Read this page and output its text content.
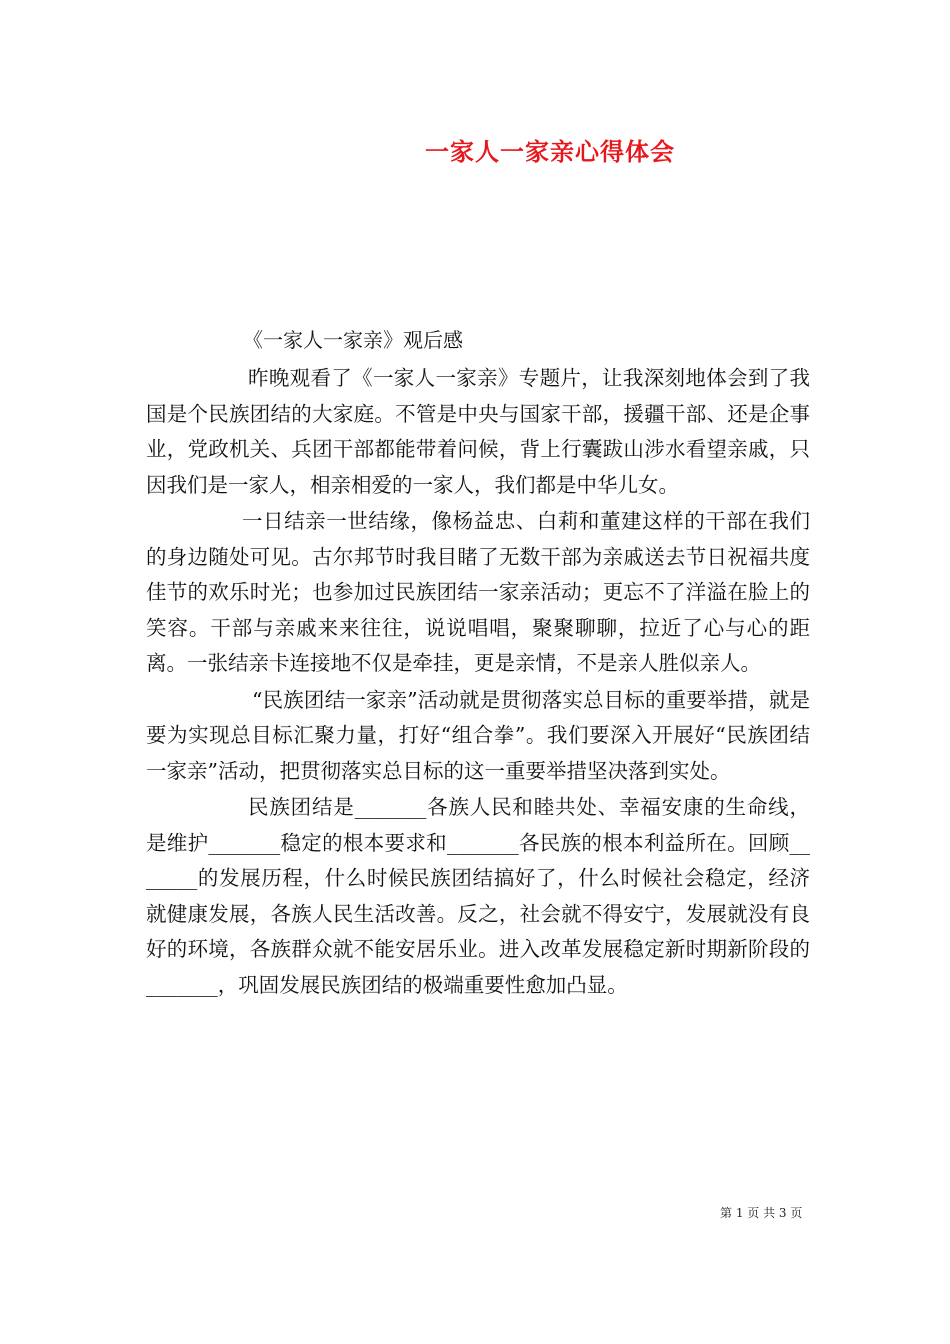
一家人一家亲心得体会

《一家人一家亲》观后感

昨晚观看了《一家人一家亲》专题片，让我深刻地体会到了我国是个民族团结的大家庭。不管是中央与国家干部，援疆干部、还是企事业，党政机关、兵团干部都能带着问候，背上行囊跋山涉水看望亲戚，只因我们是一家人，相亲相爱的一家人，我们都是中华儿女。

一日结亲一世结缘，像杨益忠、白莉和董建这样的干部在我们的身边随处可见。古尔邦节时我目睹了无数干部为亲戚送去节日祝福共度佳节的欢乐时光；也参加过民族团结一家亲活动；更忘不了洋溢在脸上的笑容。干部与亲戚来来往往，说说唱唱，聚聚聊聊，拉近了心与心的距离。一张结亲卡连接地不仅是牵挂，更是亲情，不是亲人胜似亲人。

“民族团结一家亲”活动就是贯彻落实总目标的重要举措，就是要为实现总目标汇聚力量，打好“组合拳”。我们要深入开展好“民族团结一家亲”活动，把贯彻落实总目标的这一重要举措坚决落到实处。

民族团结是_______各族人民和睦共处、幸福安康的生命线，是维护_______稳定的根本要求和_______各民族的根本利益所在。回顾_______的发展历程，什么时候民族团结搞好了，什么时候社会稳定，经济就健康发展，各族人民生活改善。反之，社会就不得安宁，发展就没有良好的环境，各族群众就不能安居乐业。进入改革发展稳定新时期新阶段的_______，巩固发展民族团结的极端重要性愈加凸显。

第 1 页 共 3 页
